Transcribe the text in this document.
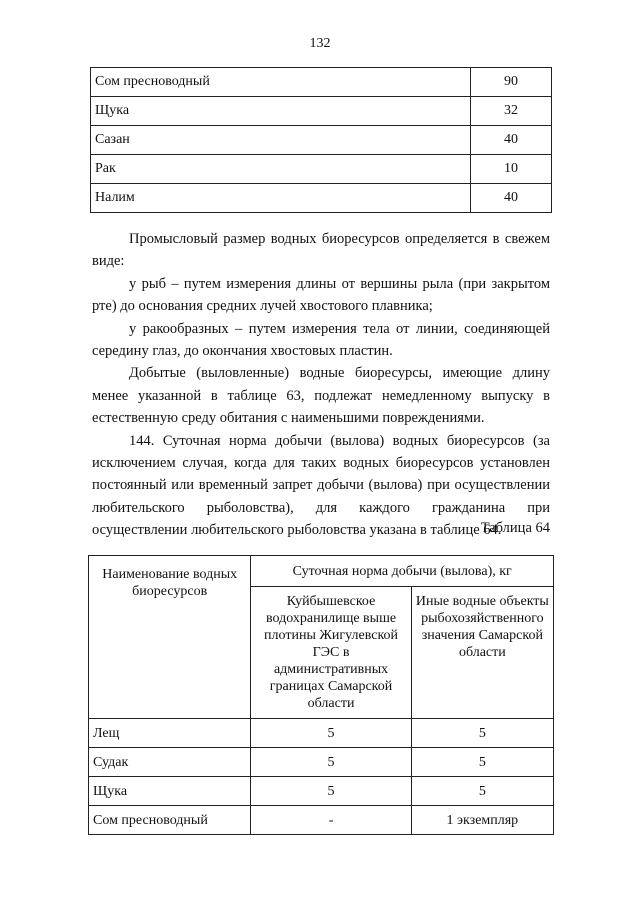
132
Сом пресноводный	90
Щука	32
Сазан	40
Рак	10
Налим	40

Промысловый размер водных биоресурсов определяется в свежем виде:

у рыб – путем измерения длины от вершины рыла (при закрытом рте) до основания средних лучей хвостового плавника;

у ракообразных – путем измерения тела от линии, соединяющей середину глаз, до окончания хвостовых пластин.

Добытые (выловленные) водные биоресурсы, имеющие длину менее указанной в таблице 63, подлежат немедленному выпуску в естественную среду обитания с наименьшими повреждениями.

144. Суточная норма добычи (вылова) водных биоресурсов (за исключением случая, когда для таких водных биоресурсов установлен постоянный или временный запрет добычи (вылова) при осуществлении любительского рыболовства), для каждого гражданина при осуществлении любительского рыболовства указана в таблице 64.

Таблица 64
Наименование водных биоресурсов	Суточная норма добычи (вылова), кг	
	Куйбышевское водохранилище выше плотины Жигулевской ГЭС в административных границах Самарской области	Иные водные объекты рыбохозяйственного значения Самарской области
Лещ	5	5
Судак	5	5
Щука	5	5
Сом пресноводный	-	1 экземпляр
